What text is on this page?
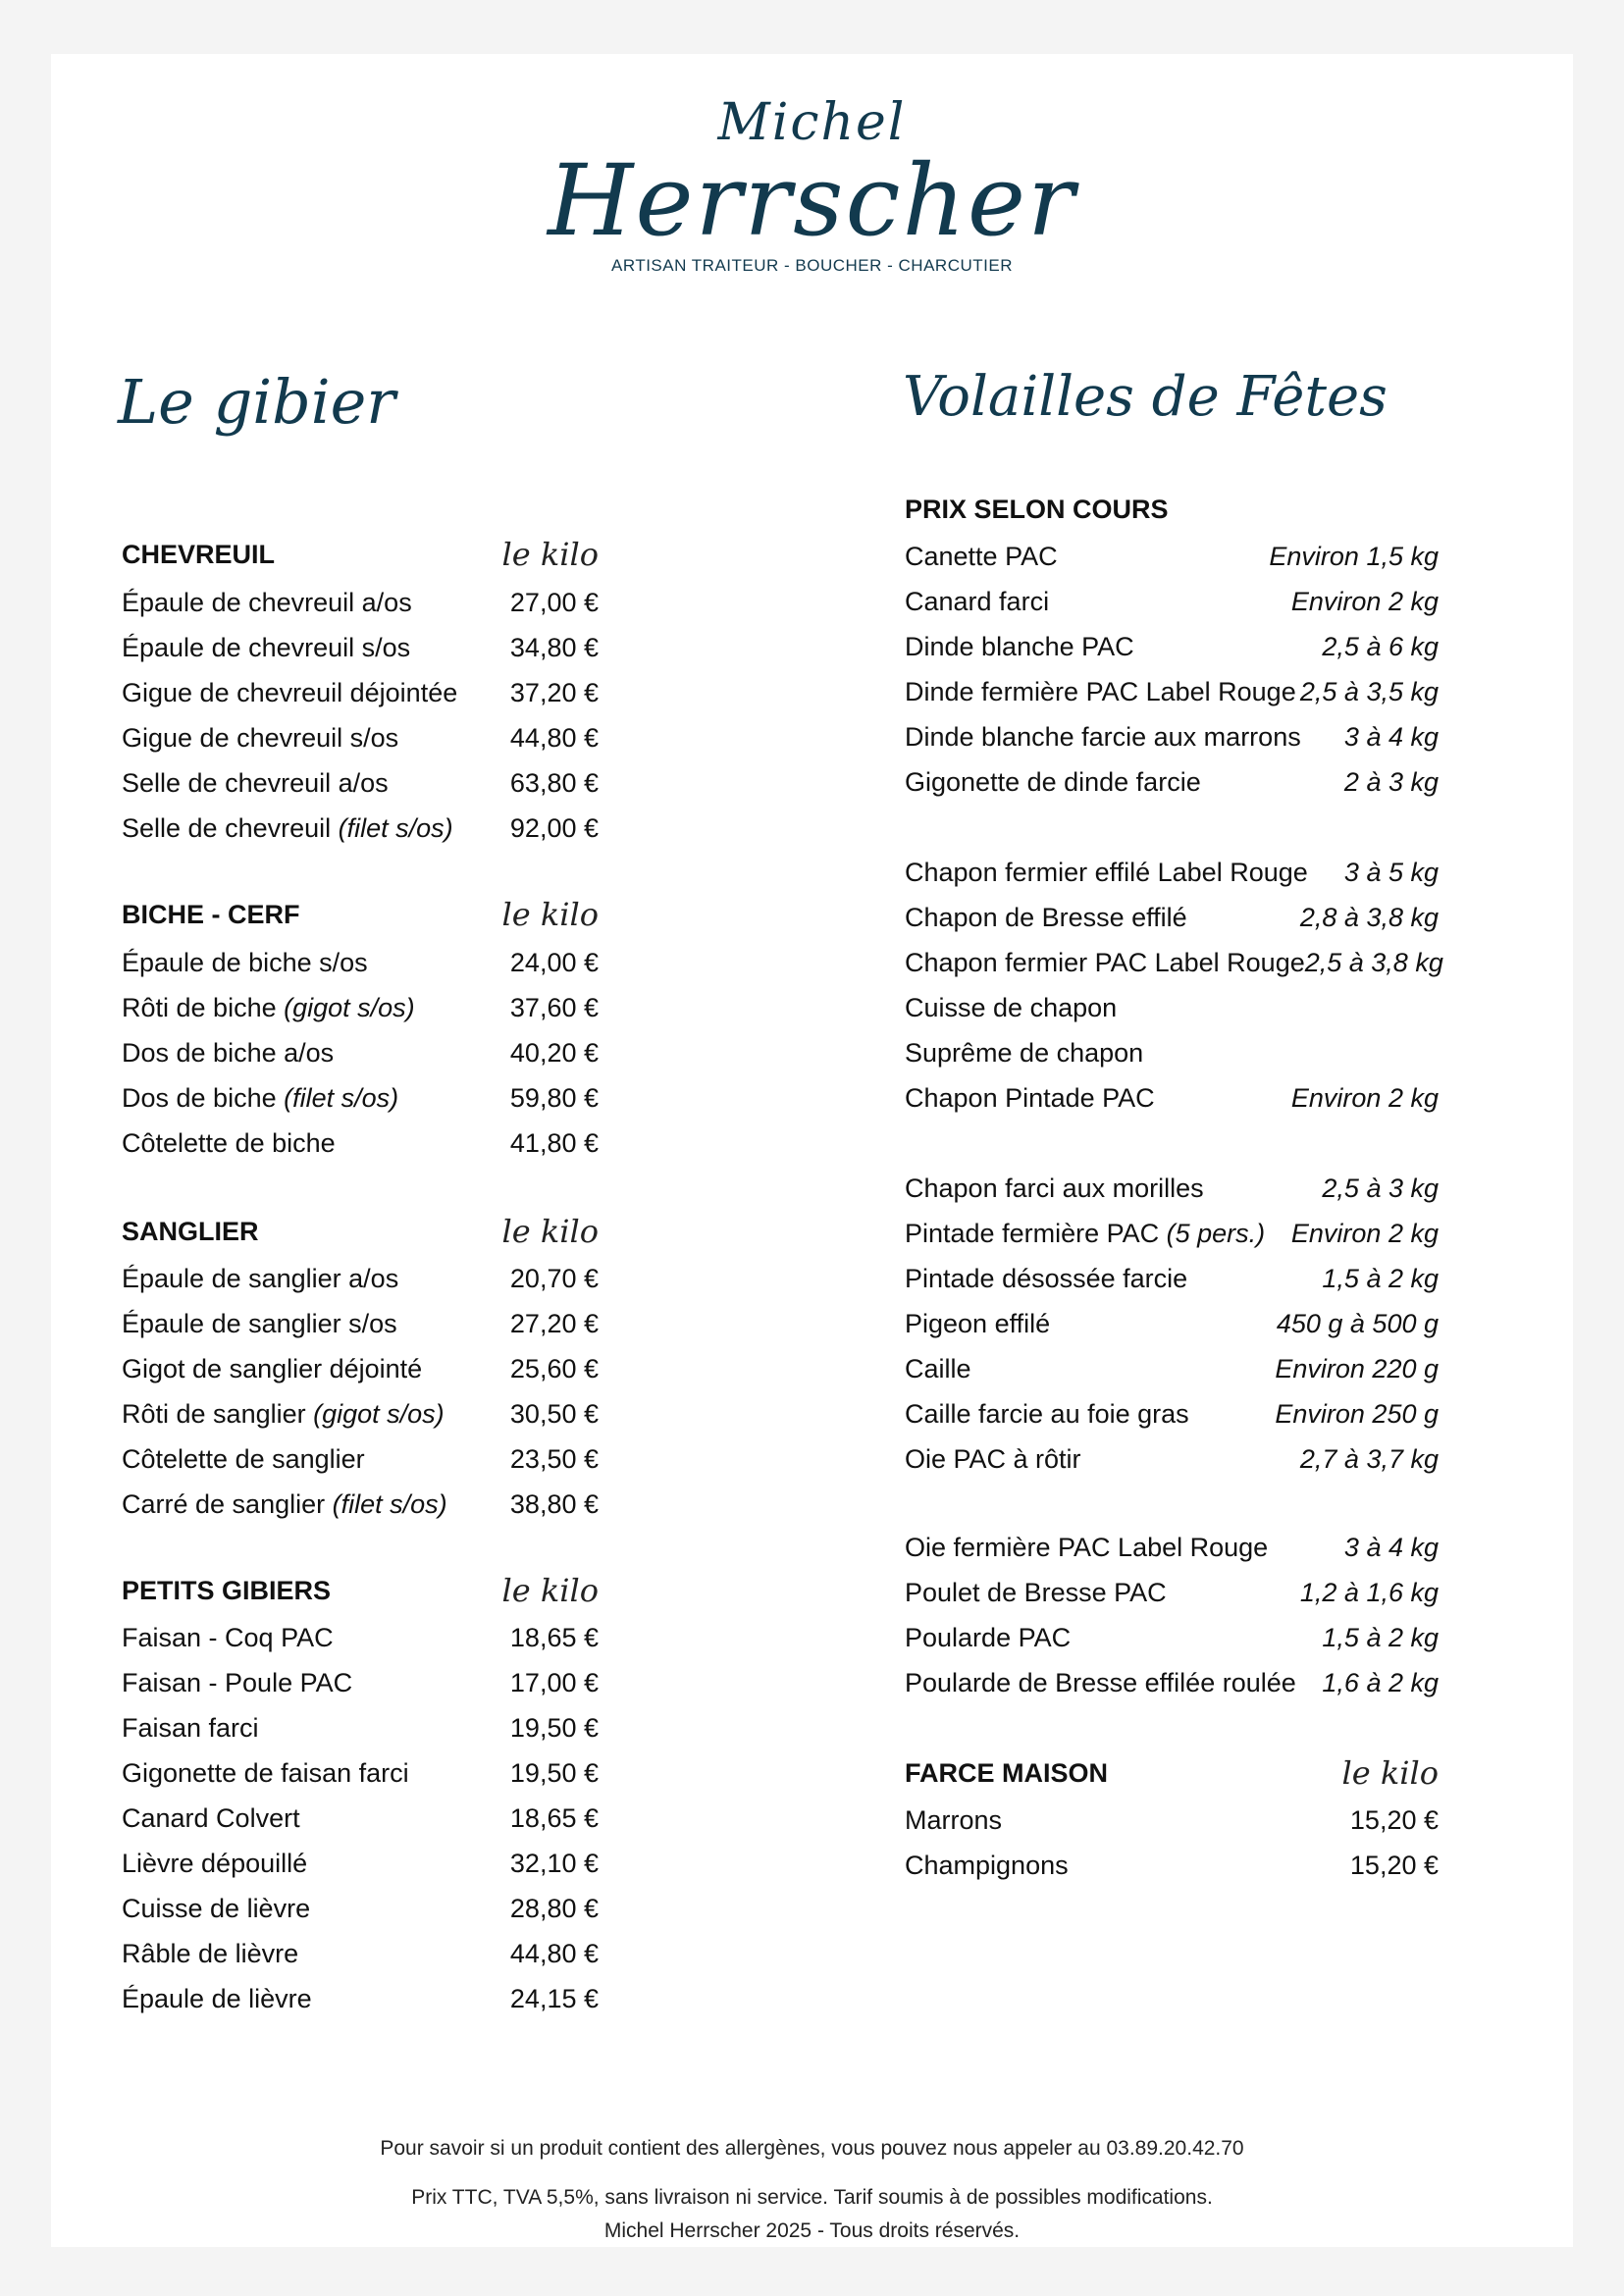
Michel
Herrscher
ARTISAN TRAITEUR - BOUCHER - CHARCUTIER
Le gibier	Volailles de Fêtes
CHEVREUIL	le kilo
Épaule de chevreuil a/os	27,00 €
Épaule de chevreuil s/os	34,80 €
Gigue de chevreuil déjointée 37,20 €
Gigue de chevreuil s/os	44,80 €
Selle de chevreuil a/os	63,80 €
Selle de chevreuil (filet s/os) 92,00 €
BICHE - CERF	le kilo
Épaule de biche s/os	24,00 €
Rôti de biche (gigot s/os)	37,60 €
Dos de biche a/os	40,20 €
Dos de biche (filet s/os)	59,80 €
Côtelette de biche	41,80 €
SANGLIER	le kilo
Épaule de sanglier a/os	20,70 €
Épaule de sanglier s/os	27,20 €
Gigot de sanglier déjointé	25,60 €
Rôti de sanglier (gigot s/os) 30,50 €
Côtelette de sanglier	23,50 €
Carré de sanglier (filet s/os) 38,80 €
PETITS GIBIERS	le kilo
Faisan - Coq PAC	18,65 €
Faisan - Poule PAC	17,00 €
Faisan farci	19,50 €
Gigonette de faisan farci	19,50 €
Canard Colvert	18,65 €
Lièvre dépouillé	32,10 €
Cuisse de lièvre	28,80 €
Râble de lièvre	44,80 €
Épaule de lièvre	24,15 €
PRIX SELON COURS
Canette PAC	Environ 1,5 kg
Canard farci	Environ 2 kg
Dinde blanche PAC	2,5 à 6 kg
Dinde fermière PAC Label Rouge 2,5 à 3,5 kg
Dinde blanche farcie aux marrons 3 à 4 kg
Gigonette de dinde farcie	2 à 3 kg
Chapon fermier effilé Label Rouge 3 à 5 kg
Chapon de Bresse effilé	2,8 à 3,8 kg
Chapon fermier PAC Label Rouge 2,5 à 3,8 kg
Cuisse de chapon
Suprême de chapon
Chapon Pintade PAC	Environ 2 kg
Chapon farci aux morilles	2,5 à 3 kg
Pintade fermière PAC (5 pers.) Environ 2 kg
Pintade désossée farcie	1,5 à 2 kg
Pigeon effilé	450 g à 500 g
Caille	Environ 220 g
Caille farcie au foie gras	Environ 250 g
Oie PAC à rôtir	2,7 à 3,7 kg
Oie fermière PAC Label Rouge	3 à 4 kg
Poulet de Bresse PAC	1,2 à 1,6 kg
Poularde PAC	1,5 à 2 kg
Poularde de Bresse effilée roulée 1,6 à 2 kg
FARCE MAISON	le kilo
Marrons	15,20 €
Champignons	15,20 €
Pour savoir si un produit contient des allergènes, vous pouvez nous appeler au 03.89.20.42.70
Prix TTC, TVA 5,5%, sans livraison ni service. Tarif soumis à de possibles modifications.
Michel Herrscher 2025 - Tous droits réservés.
